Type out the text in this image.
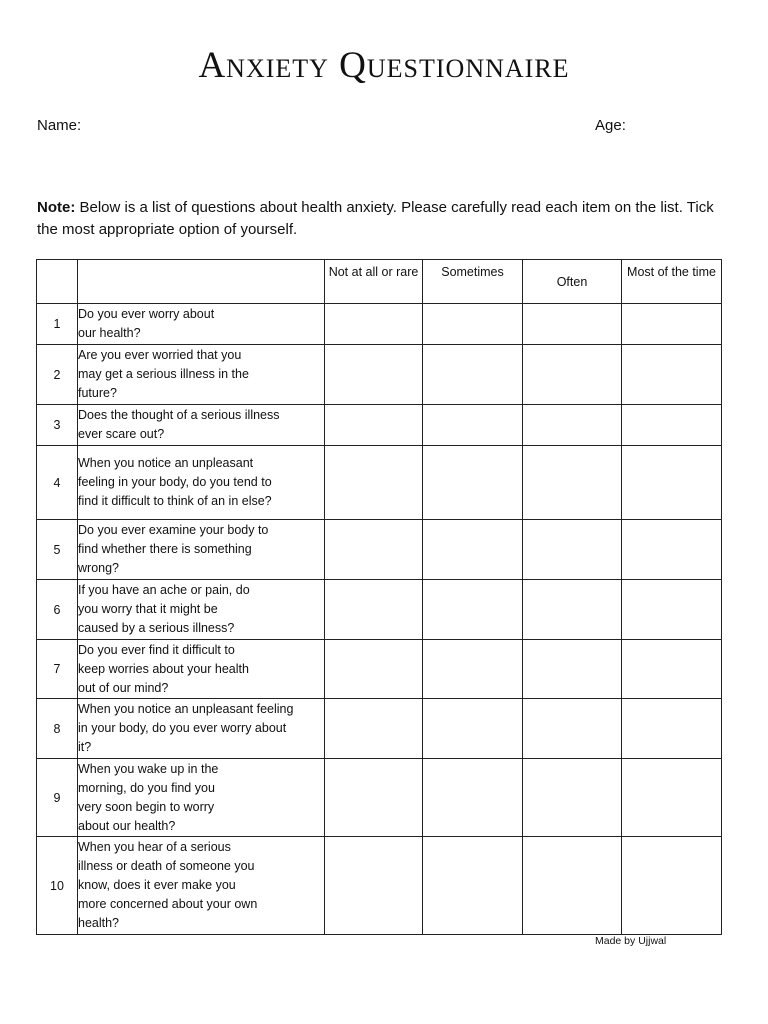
Anxiety Questionnaire
Name:	Age:
Note: Below is a list of questions about health anxiety. Please carefully read each item on the list. Tick the most appropriate option of yourself.
		Not at all or rare	Sometimes	Often	Most of the time
1	Do you ever worry about
our health?				

2	Are you ever worried that you
may get a serious illness in the
future?				

3	Does the thought of a serious illness
ever scare out?				

4	When you notice an unpleasant
feeling in your body, do you tend to
find it difficult to think of an in else?				

5	Do you ever examine your body to
find whether there is something
wrong?				

6	If you have an ache or pain, do
you worry that it might be
caused by a serious illness?				

7	Do you ever find it difficult to
keep worries about your health
out of our mind?				

8	When you notice an unpleasant feeling
in your body, do you ever worry about
it?				

9	When you wake up in the
morning, do you find you
very soon begin to worry
about our health?				

10	When you hear of a serious
illness or death of someone you
know, does it ever make you
more concerned about your own
health?				

Made by Ujjwal
